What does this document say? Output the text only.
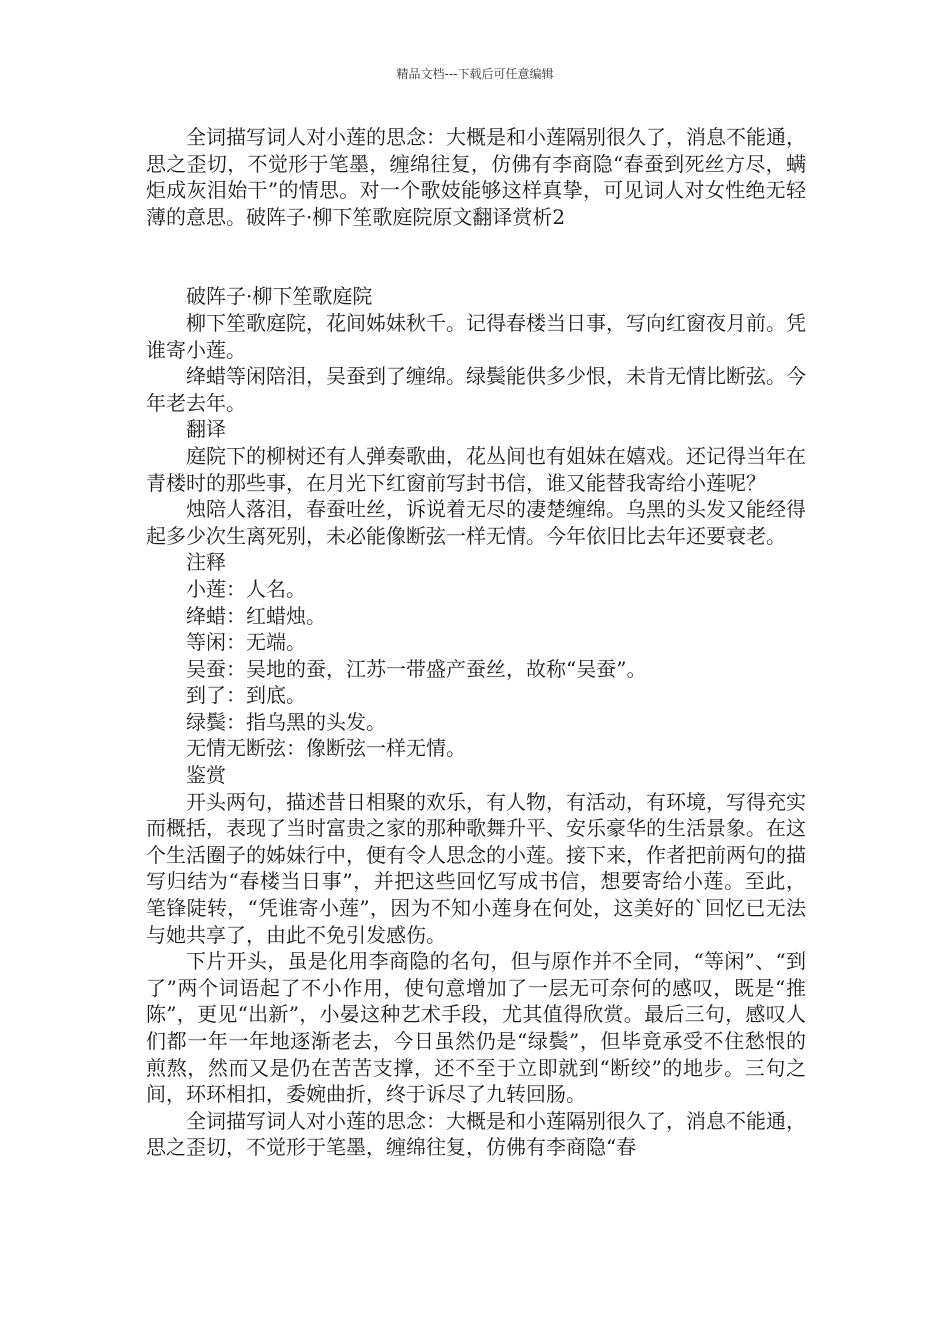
精品文档---下载后可任意编辑

全词描写词人对小莲的思念：大概是和小莲隔别很久了，消息不能通，思之歪切，不觉形于笔墨，缠绵往复，仿佛有李商隐“春蚕到死丝方尽，螨炬成灰泪始干”的情思。对一个歌妓能够这样真挚，可见词人对女性绝无轻薄的意思。破阵子·柳下笙歌庭院原文翻译赏析2

破阵子·柳下笙歌庭院

柳下笙歌庭院，花间姊妹秋千。记得春楼当日事，写向红窗夜月前。凭谁寄小莲。

绛蜡等闲陪泪，吴蚕到了缠绵。绿鬓能供多少恨，未肯无情比断弦。今年老去年。

翻译

庭院下的柳树还有人弹奏歌曲，花丛间也有姐妹在嬉戏。还记得当年在青楼时的那些事，在月光下红窗前写封书信，谁又能替我寄给小莲呢？

烛陪人落泪，春蚕吐丝，诉说着无尽的凄楚缠绵。乌黑的头发又能经得起多少次生离死别，未必能像断弦一样无情。今年依旧比去年还要衰老。

注释

小莲：人名。

绛蜡：红蜡烛。

等闲：无端。

吴蚕：吴地的蚕，江苏一带盛产蚕丝，故称“吴蚕”。

到了：到底。

绿鬓：指乌黑的头发。

无情无断弦：像断弦一样无情。

鉴赏

开头两句，描述昔日相聚的欢乐，有人物，有活动，有环境，写得充实而概括，表现了当时富贵之家的那种歌舞升平、安乐豪华的生活景象。在这个生活圈子的姊妹行中，便有令人思念的小莲。接下来，作者把前两句的描写归结为“春楼当日事”，并把这些回忆写成书信，想要寄给小莲。至此，笔锋陡转，“凭谁寄小莲”，因为不知小莲身在何处，这美好的`回忆已无法与她共享了，由此不免引发感伤。

下片开头，虽是化用李商隐的名句，但与原作并不全同，“等闲”、“到了”两个词语起了不小作用，使句意增加了一层无可奈何的感叹，既是“推陈”，更见“出新”，小晏这种艺术手段，尤其值得欣赏。最后三句，感叹人们都一年一年地逐渐老去，今日虽然仍是“绿鬓”，但毕竟承受不住愁恨的煎熬，然而又是仍在苦苦支撑，还不至于立即就到“断绞”的地步。三句之间，环环相扣，委婉曲折，终于诉尽了九转回肠。

全词描写词人对小莲的思念：大概是和小莲隔别很久了，消息不能通，思之歪切，不觉形于笔墨，缠绵往复，仿佛有李商隐“春
